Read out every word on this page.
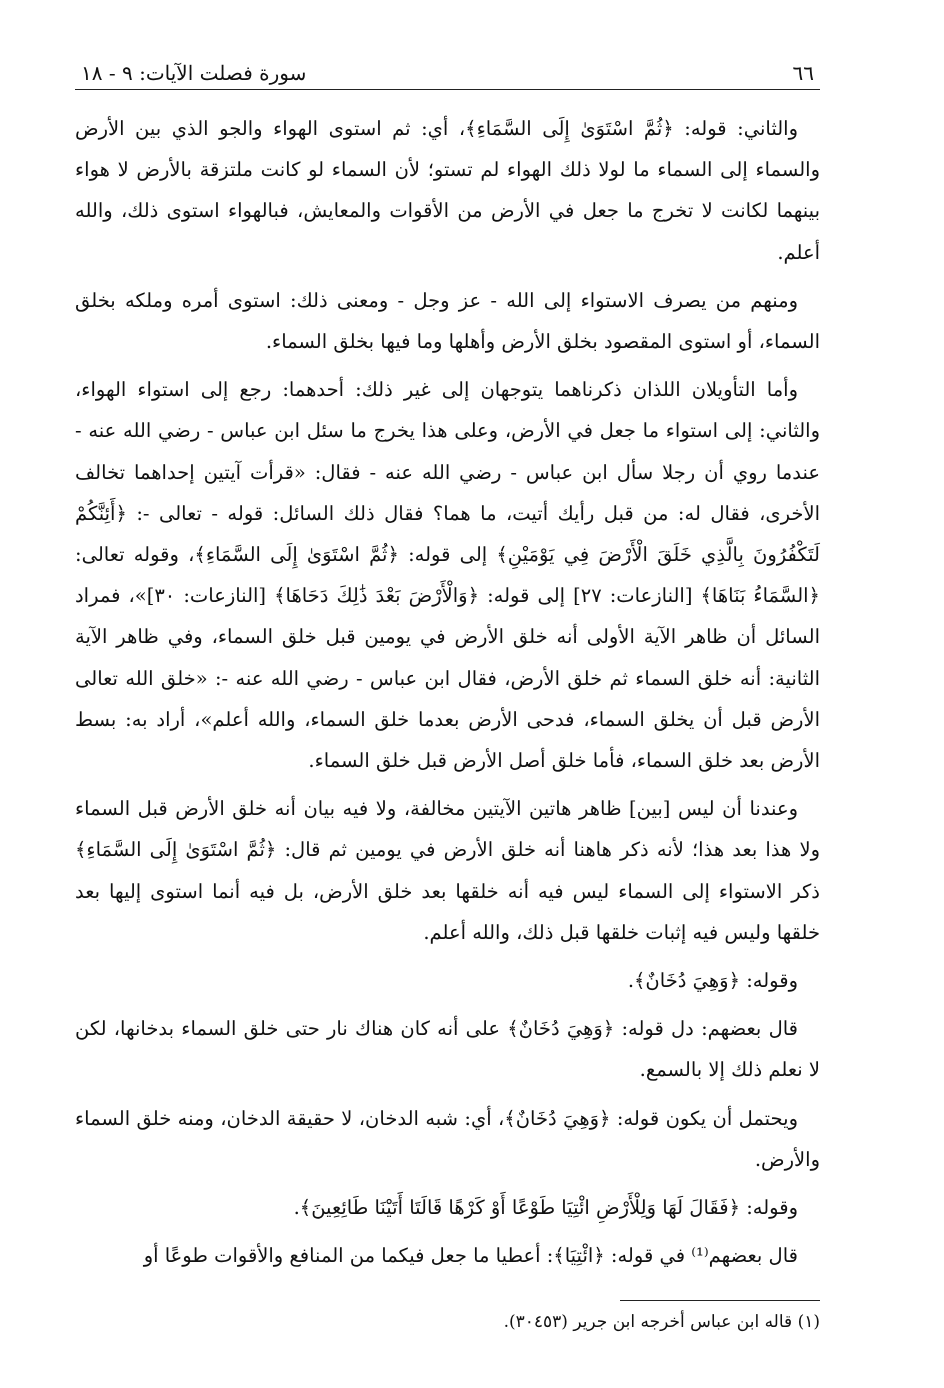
٦٦
سورة فصلت الآيات: ٩ - ١٨

والثاني: قوله: ﴿ثُمَّ اسْتَوَىٰ إِلَى السَّمَاءِ﴾، أي: ثم استوى الهواء والجو الذي بين الأرض والسماء إلى السماء ما لولا ذلك الهواء لم تستو؛ لأن السماء لو كانت ملتزقة بالأرض لا هواء بينهما لكانت لا تخرج ما جعل في الأرض من الأقوات والمعايش، فبالهواء استوى ذلك، والله أعلم.

ومنهم من يصرف الاستواء إلى الله - عز وجل - ومعنى ذلك: استوى أمره وملكه بخلق السماء، أو استوى المقصود بخلق الأرض وأهلها وما فيها بخلق السماء.

وأما التأويلان اللذان ذكرناهما يتوجهان إلى غير ذلك: أحدهما: رجع إلى استواء الهواء، والثاني: إلى استواء ما جعل في الأرض، وعلى هذا يخرج ما سئل ابن عباس - رضي الله عنه - عندما روي أن رجلا سأل ابن عباس - رضي الله عنه - فقال: «قرأت آيتين إحداهما تخالف الأخرى، فقال له: من قبل رأيك أتيت، ما هما؟ فقال ذلك السائل: قوله - تعالى -: ﴿أَئِنَّكُمْ لَتَكْفُرُونَ بِالَّذِي خَلَقَ الْأَرْضَ فِي يَوْمَيْنِ﴾ إلى قوله: ﴿ثُمَّ اسْتَوَىٰ إِلَى السَّمَاءِ﴾، وقوله تعالى: ﴿السَّمَاءُ بَنَاهَا﴾ [النازعات: ٢٧] إلى قوله: ﴿وَالْأَرْضَ بَعْدَ ذَٰلِكَ دَحَاهَا﴾ [النازعات: ٣٠]»، فمراد السائل أن ظاهر الآية الأولى أنه خلق الأرض في يومين قبل خلق السماء، وفي ظاهر الآية الثانية: أنه خلق السماء ثم خلق الأرض، فقال ابن عباس - رضي الله عنه -: «خلق الله تعالى الأرض قبل أن يخلق السماء، فدحى الأرض بعدما خلق السماء، والله أعلم»، أراد به: بسط الأرض بعد خلق السماء، فأما خلق أصل الأرض قبل خلق السماء.

وعندنا أن ليس [بين] ظاهر هاتين الآيتين مخالفة، ولا فيه بيان أنه خلق الأرض قبل السماء ولا هذا بعد هذا؛ لأنه ذكر هاهنا أنه خلق الأرض في يومين ثم قال: ﴿ثُمَّ اسْتَوَىٰ إِلَى السَّمَاءِ﴾ ذكر الاستواء إلى السماء ليس فيه أنه خلقها بعد خلق الأرض، بل فيه أنما استوى إليها بعد خلقها وليس فيه إثبات خلقها قبل ذلك، والله أعلم.

وقوله: ﴿وَهِيَ دُخَانٌ﴾.

قال بعضهم: دل قوله: ﴿وَهِيَ دُخَانٌ﴾ على أنه كان هناك نار حتى خلق السماء بدخانها، لكن لا نعلم ذلك إلا بالسمع.

ويحتمل أن يكون قوله: ﴿وَهِيَ دُخَانٌ﴾، أي: شبه الدخان، لا حقيقة الدخان، ومنه خلق السماء والأرض.

وقوله: ﴿فَقَالَ لَهَا وَلِلْأَرْضِ ائْتِيَا طَوْعًا أَوْ كَرْهًا قَالَتَا أَتَيْنَا طَائِعِينَ﴾.

قال بعضهم⁽¹⁾ في قوله: ﴿ائْتِيَا﴾: أعطيا ما جعل فيكما من المنافع والأقوات طوعًا أو

(١) قاله ابن عباس أخرجه ابن جرير (٣٠٤٥٣).
